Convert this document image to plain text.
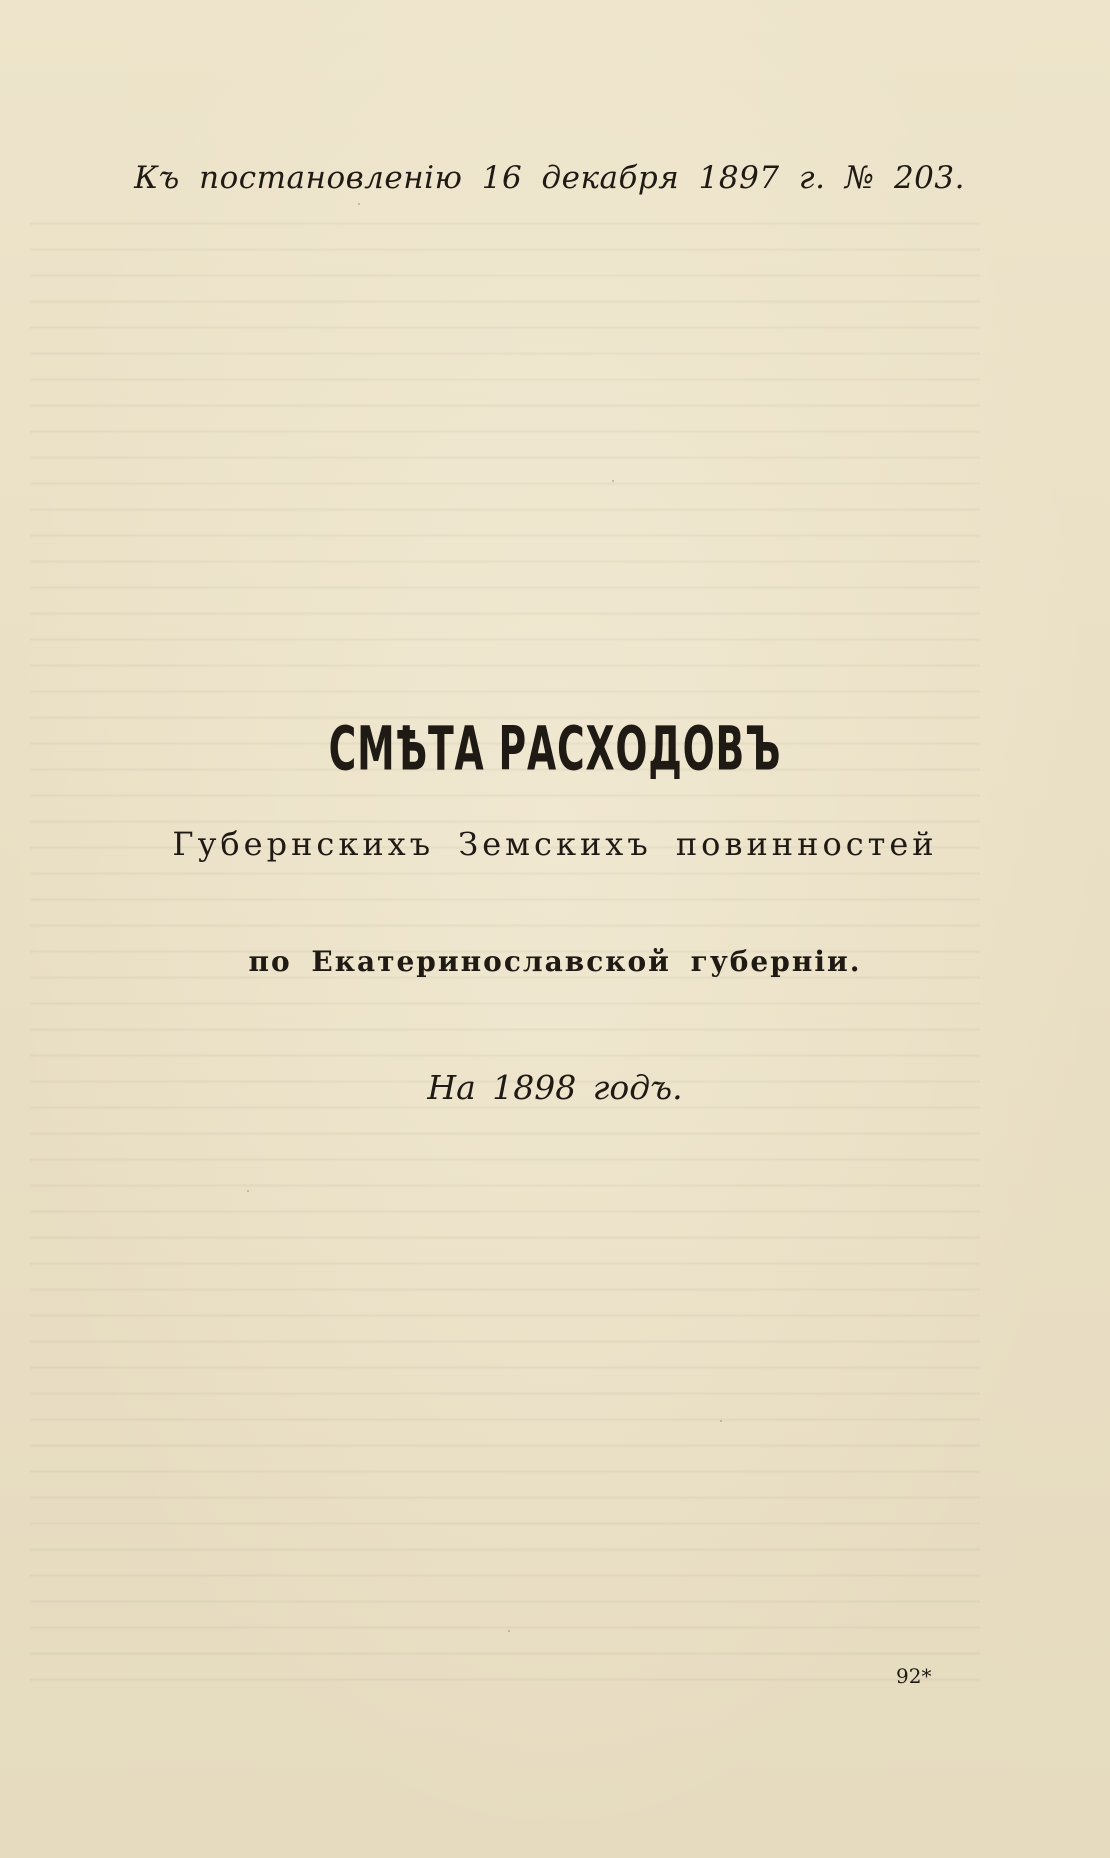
Къ постановленію 16 декабря 1897 г. № 203.
СМѢТА РАСХОДОВЪ
Губернскихъ Земскихъ повинностей
по Екатеринославской губерніи.
На 1898 годъ.
92*
